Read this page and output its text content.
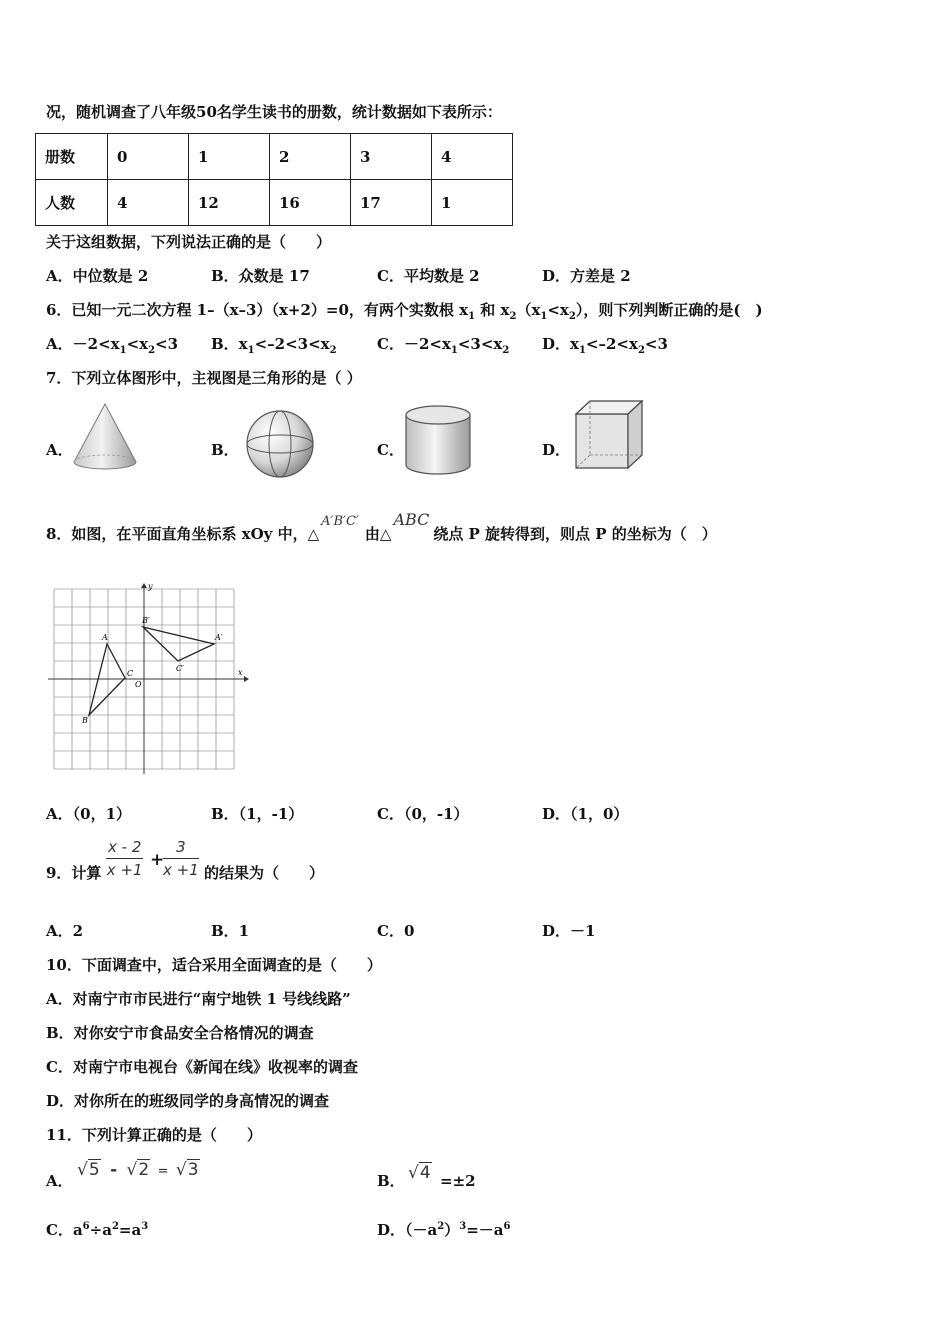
况，随机调查了八年级50名学生读书的册数，统计数据如下表所示：
册数	0	1	2	3	4
人数	4	12	16	17	1
关于这组数据，下列说法正确的是（　　）
A．中位数是 2	B．众数是 17	C．平均数是 2	D．方差是 2
6．已知一元二次方程 1–（x–3）（x+2）=0，有两个实数根 $x_1$ 和 $x_2(x_1<x_2)$，则下列判断正确的是(　)
A．$-2<x_1<x_2<3$ B．$x_1<-2<3<x_2$	C．$-2<x_1<3<x_2$ D．$x_1<-2<x_2<3$
7．下列立体图形中，主视图是三角形的是（ ）
A．	B．	C．	D．
8．如图，在平面直角坐标系 xOy 中，△A′B′C′由△ABC绕点 P 旋转得到，则点 P 的坐标为（　）
y
x
O
A
B
C
A′
B′
C′
A．（0，1）	B．（1，-1）	C．（0，-1）	D．（1，0）
9．计算 $\frac{x - 2}{x +1}$ +
$\frac{3}{x +1}$ 的结果为（　　）
A．2	B．1	C．0	D．－1
10．下面调查中，适合采用全面调查的是（　　）
A．对南宁市市民进行“南宁地铁 1 号线线路”
B．对你安宁市食品安全合格情况的调查
C．对南宁市电视台《新闻在线》收视率的调查
D．对你所在的班级同学的身高情况的调查
11．下列计算正确的是（　　）
A．
√5 - √2 = √3
B． √4 =±2
C．$a^6\div a^2=a^3$	D．$(-a^2)^3=-a^6$
